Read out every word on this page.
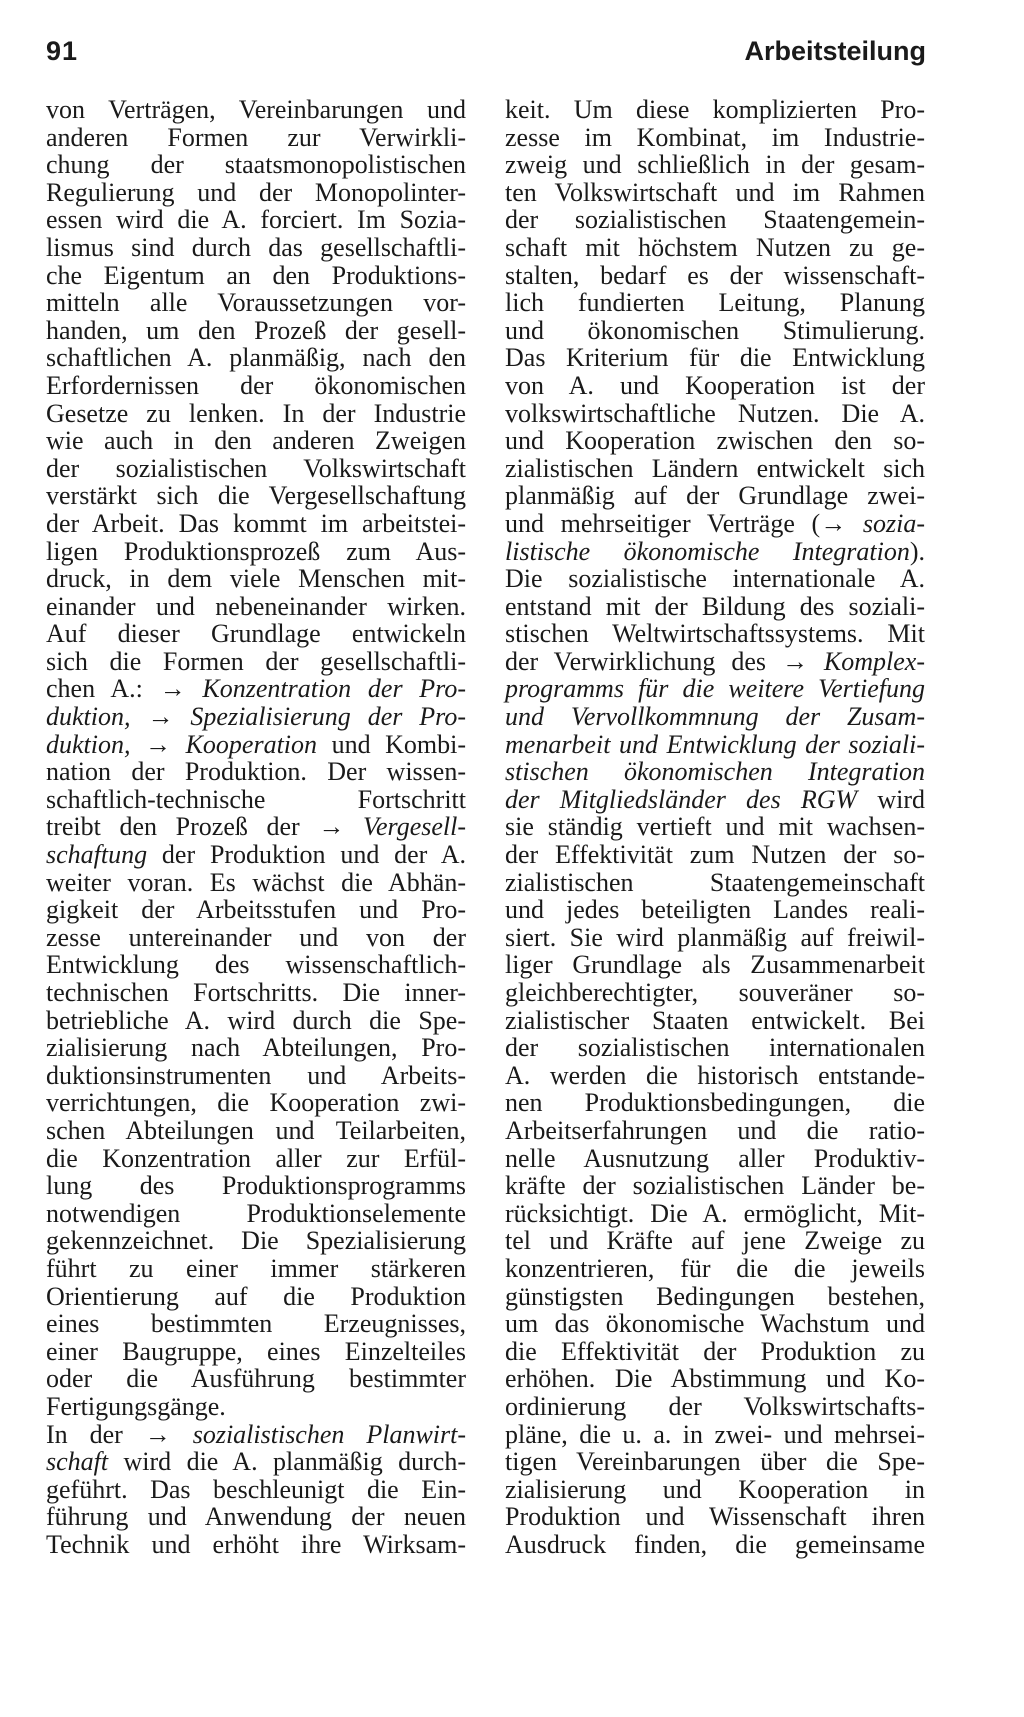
91	Arbeitsteilung
von Verträgen, Vereinbarungen und
anderen Formen zur Verwirkli-
chung der staatsmonopolistischen
Regulierung und der Monopolinter-
essen wird die A. forciert. Im Sozia-
lismus sind durch das gesellschaftli-
che Eigentum an den Produktions-
mitteln alle Voraussetzungen vor-
handen, um den Prozeß der gesell-
schaftlichen A. planmäßig, nach den
Erfordernissen der ökonomischen
Gesetze zu lenken. In der Industrie
wie auch in den anderen Zweigen
der sozialistischen Volkswirtschaft
verstärkt sich die Vergesellschaftung
der Arbeit. Das kommt im arbeitstei-
ligen Produktionsprozeß zum Aus-
druck, in dem viele Menschen mit-
einander und nebeneinander wirken.
Auf dieser Grundlage entwickeln
sich die Formen der gesellschaftli-
chen A.: → Konzentration der Pro-
duktion, → Spezialisierung der Pro-
duktion, → Kooperation und Kombi-
nation der Produktion. Der wissen-
schaftlich-technische Fortschritt
treibt den Prozeß der → Vergesell-
schaftung der Produktion und der A.
weiter voran. Es wächst die Abhän-
gigkeit der Arbeitsstufen und Pro-
zesse untereinander und von der
Entwicklung des wissenschaftlich-
technischen Fortschritts. Die inner-
betriebliche A. wird durch die Spe-
zialisierung nach Abteilungen, Pro-
duktionsinstrumenten und Arbeits-
verrichtungen, die Kooperation zwi-
schen Abteilungen und Teilarbeiten,
die Konzentration aller zur Erfül-
lung des Produktionsprogramms
notwendigen Produktionselemente
gekennzeichnet. Die Spezialisierung
führt zu einer immer stärkeren
Orientierung auf die Produktion
eines bestimmten Erzeugnisses,
einer Baugruppe, eines Einzelteiles
oder die Ausführung bestimmter
Fertigungsgänge.
In der → sozialistischen Planwirt-
schaft wird die A. planmäßig durch-
geführt. Das beschleunigt die Ein-
führung und Anwendung der neuen
Technik und erhöht ihre Wirksam-
keit. Um diese komplizierten Pro-
zesse im Kombinat, im Industrie-
zweig und schließlich in der gesam-
ten Volkswirtschaft und im Rahmen
der sozialistischen Staatengemein-
schaft mit höchstem Nutzen zu ge-
stalten, bedarf es der wissenschaft-
lich fundierten Leitung, Planung
und ökonomischen Stimulierung.
Das Kriterium für die Entwicklung
von A. und Kooperation ist der
volkswirtschaftliche Nutzen. Die A.
und Kooperation zwischen den so-
zialistischen Ländern entwickelt sich
planmäßig auf der Grundlage zwei-
und mehrseitiger Verträge (→ sozia-
listische ökonomische Integration).
Die sozialistische internationale A.
entstand mit der Bildung des soziali-
stischen Weltwirtschaftssystems. Mit
der Verwirklichung des → Komplex-
programms für die weitere Vertiefung
und Vervollkommnung der Zusam-
menarbeit und Entwicklung der soziali-
stischen ökonomischen Integration
der Mitgliedsländer des RGW wird
sie ständig vertieft und mit wachsen-
der Effektivität zum Nutzen der so-
zialistischen Staatengemeinschaft
und jedes beteiligten Landes reali-
siert. Sie wird planmäßig auf freiwil-
liger Grundlage als Zusammenarbeit
gleichberechtigter, souveräner so-
zialistischer Staaten entwickelt. Bei
der sozialistischen internationalen
A. werden die historisch entstande-
nen Produktionsbedingungen, die
Arbeitserfahrungen und die ratio-
nelle Ausnutzung aller Produktiv-
kräfte der sozialistischen Länder be-
rücksichtigt. Die A. ermöglicht, Mit-
tel und Kräfte auf jene Zweige zu
konzentrieren, für die die jeweils
günstigsten Bedingungen bestehen,
um das ökonomische Wachstum und
die Effektivität der Produktion zu
erhöhen. Die Abstimmung und Ko-
ordinierung der Volkswirtschafts-
pläne, die u. a. in zwei- und mehrsei-
tigen Vereinbarungen über die Spe-
zialisierung und Kooperation in
Produktion und Wissenschaft ihren
Ausdruck finden, die gemeinsame
